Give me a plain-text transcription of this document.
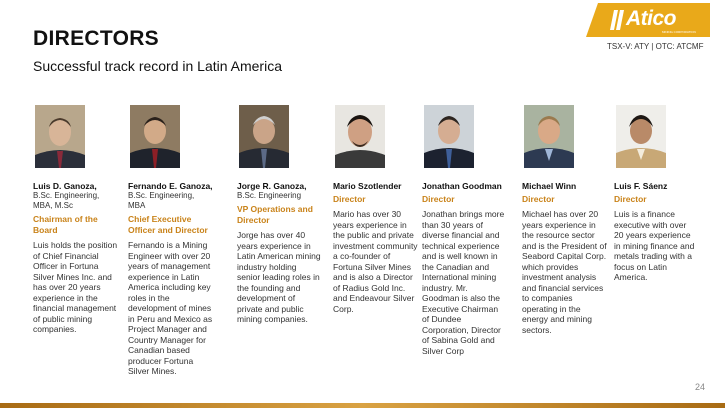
DIRECTORS
Successful track record in Latin America
Atico
MINING CORPORATION
TSX-V: ATY | OTC: ATCMF
Luis D. Ganoza,
B.Sc. Engineering, MBA, M.Sc
Chairman of the Board
Luis holds the position of Chief Financial Officer in Fortuna Silver Mines Inc. and has over 20 years experience in the financial management of public mining companies.
Fernando E. Ganoza,
B.Sc. Engineering, MBA
Chief Executive Officer and Director
Fernando is a Mining Engineer with over 20 years of management experience in Latin America including key roles in the development of mines in Peru and Mexico as Project Manager and Country Manager for Canadian based producer Fortuna Silver Mines.
Jorge R. Ganoza,
B.Sc. Engineering
VP Operations and Director
Jorge has over 40 years experience in Latin American mining industry holding senior leading roles in the founding and development of private and public mining companies.
Mario Szotlender
Director
Mario has over 30 years experience in the public and private investment community a co-founder of Fortuna Silver Mines and is also a Director of Radius Gold Inc. and Endeavour Silver Corp.
Jonathan Goodman
Director
Jonathan brings more than 30 years of diverse financial and technical experience and is well known in the Canadian and International mining industry. Mr. Goodman is also the Executive Chairman of Dundee Corporation, Director of Sabina Gold and Silver Corp
Michael Winn
Director
Michael has over 20 years experience in the resource sector and is the President of Seabord Capital Corp. which provides investment analysis and financial services to companies operating in the energy and mining sectors.
Luis F. Sáenz
Director
Luis is a finance executive with over 20 years experience in mining finance and metals trading with a focus on Latin America.
24
